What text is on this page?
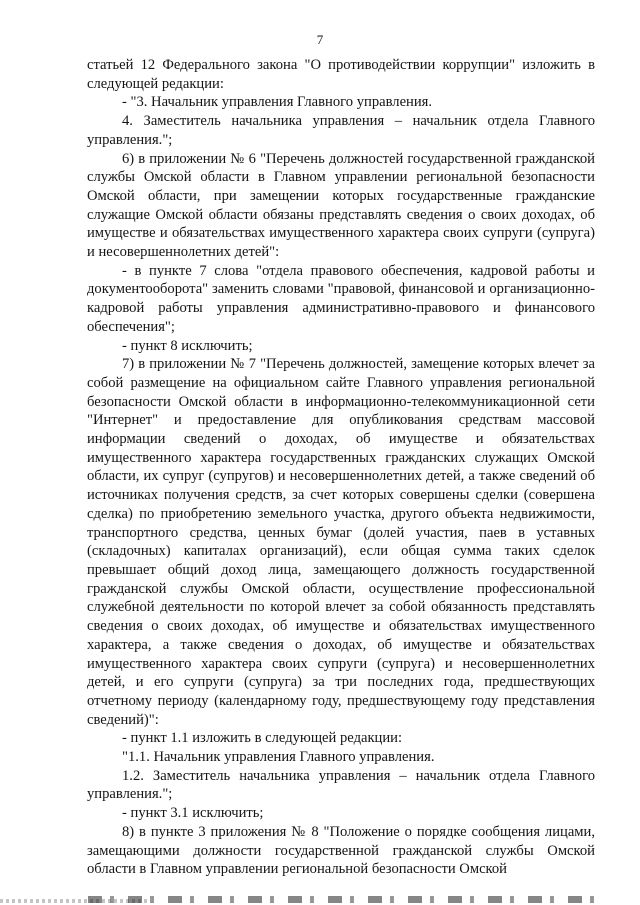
7

статьей 12 Федерального закона "О противодействии коррупции" изложить в следующей редакции:

- "3. Начальник управления Главного управления.

4. Заместитель начальника управления – начальник отдела Главного управления.";

6) в приложении № 6 "Перечень должностей государственной гражданской службы Омской области в Главном управлении региональной безопасности Омской области, при замещении которых государственные гражданские служащие Омской области обязаны представлять сведения о своих доходах, об имуществе и обязательствах имущественного характера своих супруги (супруга) и несовершеннолетних детей":

- в пункте 7 слова "отдела правового обеспечения, кадровой работы и документооборота" заменить словами "правовой, финансовой и организационно-кадровой работы управления административно-правового и финансового обеспечения";

- пункт 8 исключить;

7) в приложении № 7 "Перечень должностей, замещение которых влечет за собой размещение на официальном сайте Главного управления региональной безопасности Омской области в информационно-телекоммуникационной сети "Интернет" и предоставление для опубликования средствам массовой информации сведений о доходах, об имуществе и обязательствах имущественного характера государственных гражданских служащих Омской области, их супруг (супругов) и несовершеннолетних детей, а также сведений об источниках получения средств, за счет которых совершены сделки (совершена сделка) по приобретению земельного участка, другого объекта недвижимости, транспортного средства, ценных бумаг (долей участия, паев в уставных (складочных) капиталах организаций), если общая сумма таких сделок превышает общий доход лица, замещающего должность государственной гражданской службы Омской области, осуществление профессиональной служебной деятельности по которой влечет за собой обязанность представлять сведения о своих доходах, об имуществе и обязательствах имущественного характера, а также сведения о доходах, об имуществе и обязательствах имущественного характера своих супруги (супруга) и несовершеннолетних детей, и его супруги (супруга) за три последних года, предшествующих отчетному периоду (календарному году, предшествующему году представления сведений)":

- пункт 1.1 изложить в следующей редакции:

"1.1. Начальник управления Главного управления.

1.2. Заместитель начальника управления – начальник отдела Главного управления.";

- пункт 3.1 исключить;

8) в пункте 3 приложения № 8 "Положение о порядке сообщения лицами, замещающими должности государственной гражданской службы Омской области в Главном управлении региональной безопасности Омской
